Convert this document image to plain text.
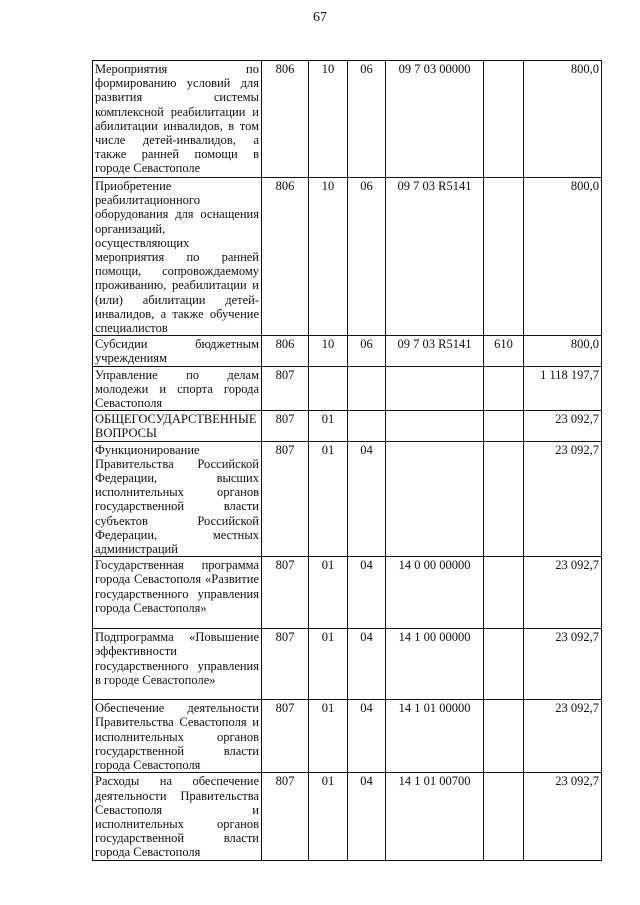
67
Мероприятия по формированию условий для развития системы комплексной реабилитации и абилитации инвалидов, в том числе детей-инвалидов, а также ранней помощи в городе Севастополе	806	10	06	09 7 03 00000		800,0
Приобретение реабилитационного оборудования для оснащения организаций, осуществляющих мероприятия по ранней помощи, сопровождаемому проживанию, реабилитации и (или) абилитации детей-инвалидов, а также обучение специалистов	806	10	06	09 7 03 R5141		800,0
Субсидии бюджетным учреждениям	806	10	06	09 7 03 R5141	610	800,0
Управление по делам молодежи и спорта города Севастополя	807					1 118 197,7
ОБЩЕГОСУДАРСТВЕННЫЕ ВОПРОСЫ	807	01				23 092,7
Функционирование Правительства Российской Федерации, высших исполнительных органов государственной власти субъектов Российской Федерации, местных администраций	807	01	04			23 092,7
Государственная программа города Севастополя «Развитие государственного управления города Севастополя»	807	01	04	14 0 00 00000		23 092,7
Подпрограмма «Повышение эффективности государственного управления в городе Севастополе»	807	01	04	14 1 00 00000		23 092,7
Обеспечение деятельности Правительства Севастополя и исполнительных органов государственной власти города Севастополя	807	01	04	14 1 01 00000		23 092,7
Расходы на обеспечение деятельности Правительства Севастополя и исполнительных органов государственной власти города Севастополя	807	01	04	14 1 01 00700		23 092,7
